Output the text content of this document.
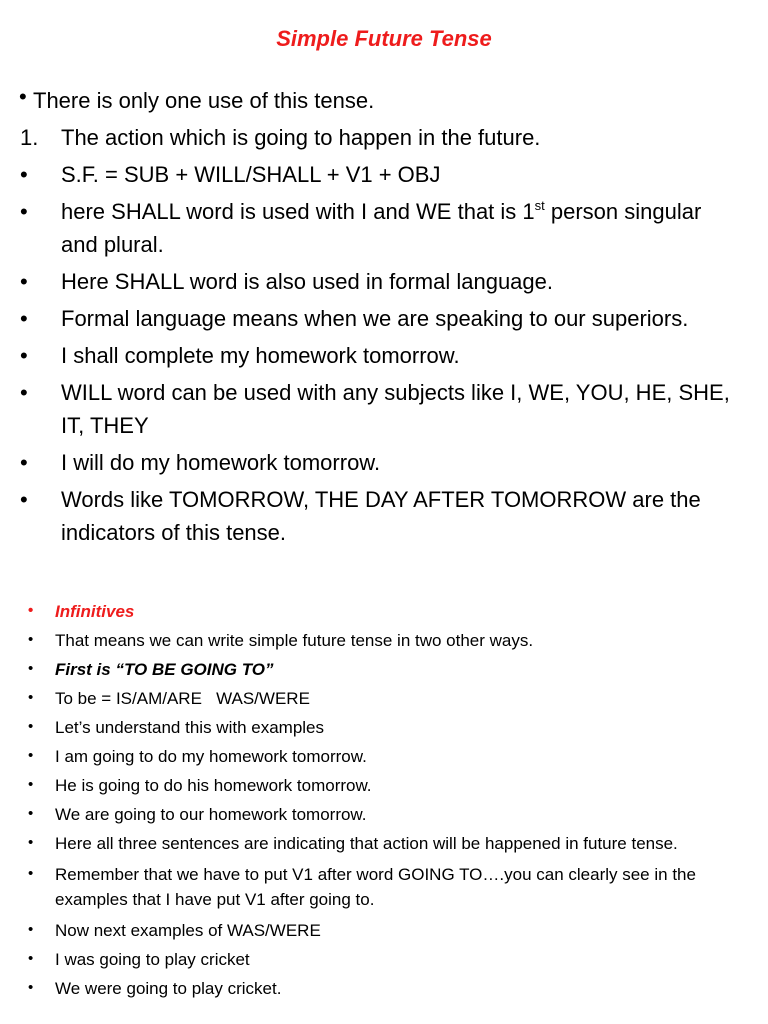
Simple Future Tense
• There is only one use of this tense.
1. The action which is going to happen in the future.
• S.F. = SUB + WILL/SHALL + V1 + OBJ
• here SHALL word is used with I and WE that is 1st person singular and plural.
• Here SHALL word is also used in formal language.
• Formal language means when we are speaking to our superiors.
• I shall complete my homework tomorrow.
• WILL word can be used with any subjects like I, WE, YOU, HE, SHE, IT, THEY
• I will do my homework tomorrow.
• Words like TOMORROW, THE DAY AFTER TOMORROW are the indicators of this tense.
• Infinitives
• That means we can write simple future tense in two other ways.
• First is “TO BE GOING TO”
• To be = IS/AM/ARE   WAS/WERE
• Let’s understand this with examples
• I am going to do my homework tomorrow.
• He is going to do his homework tomorrow.
• We are going to our homework tomorrow.
• Here all three sentences are indicating that action will be happened in future tense.
• Remember that we have to put V1 after word GOING TO….you can clearly see in the examples that I have put V1 after going to.
• Now next examples of WAS/WERE
• I was going to play cricket
• We were going to play cricket.
